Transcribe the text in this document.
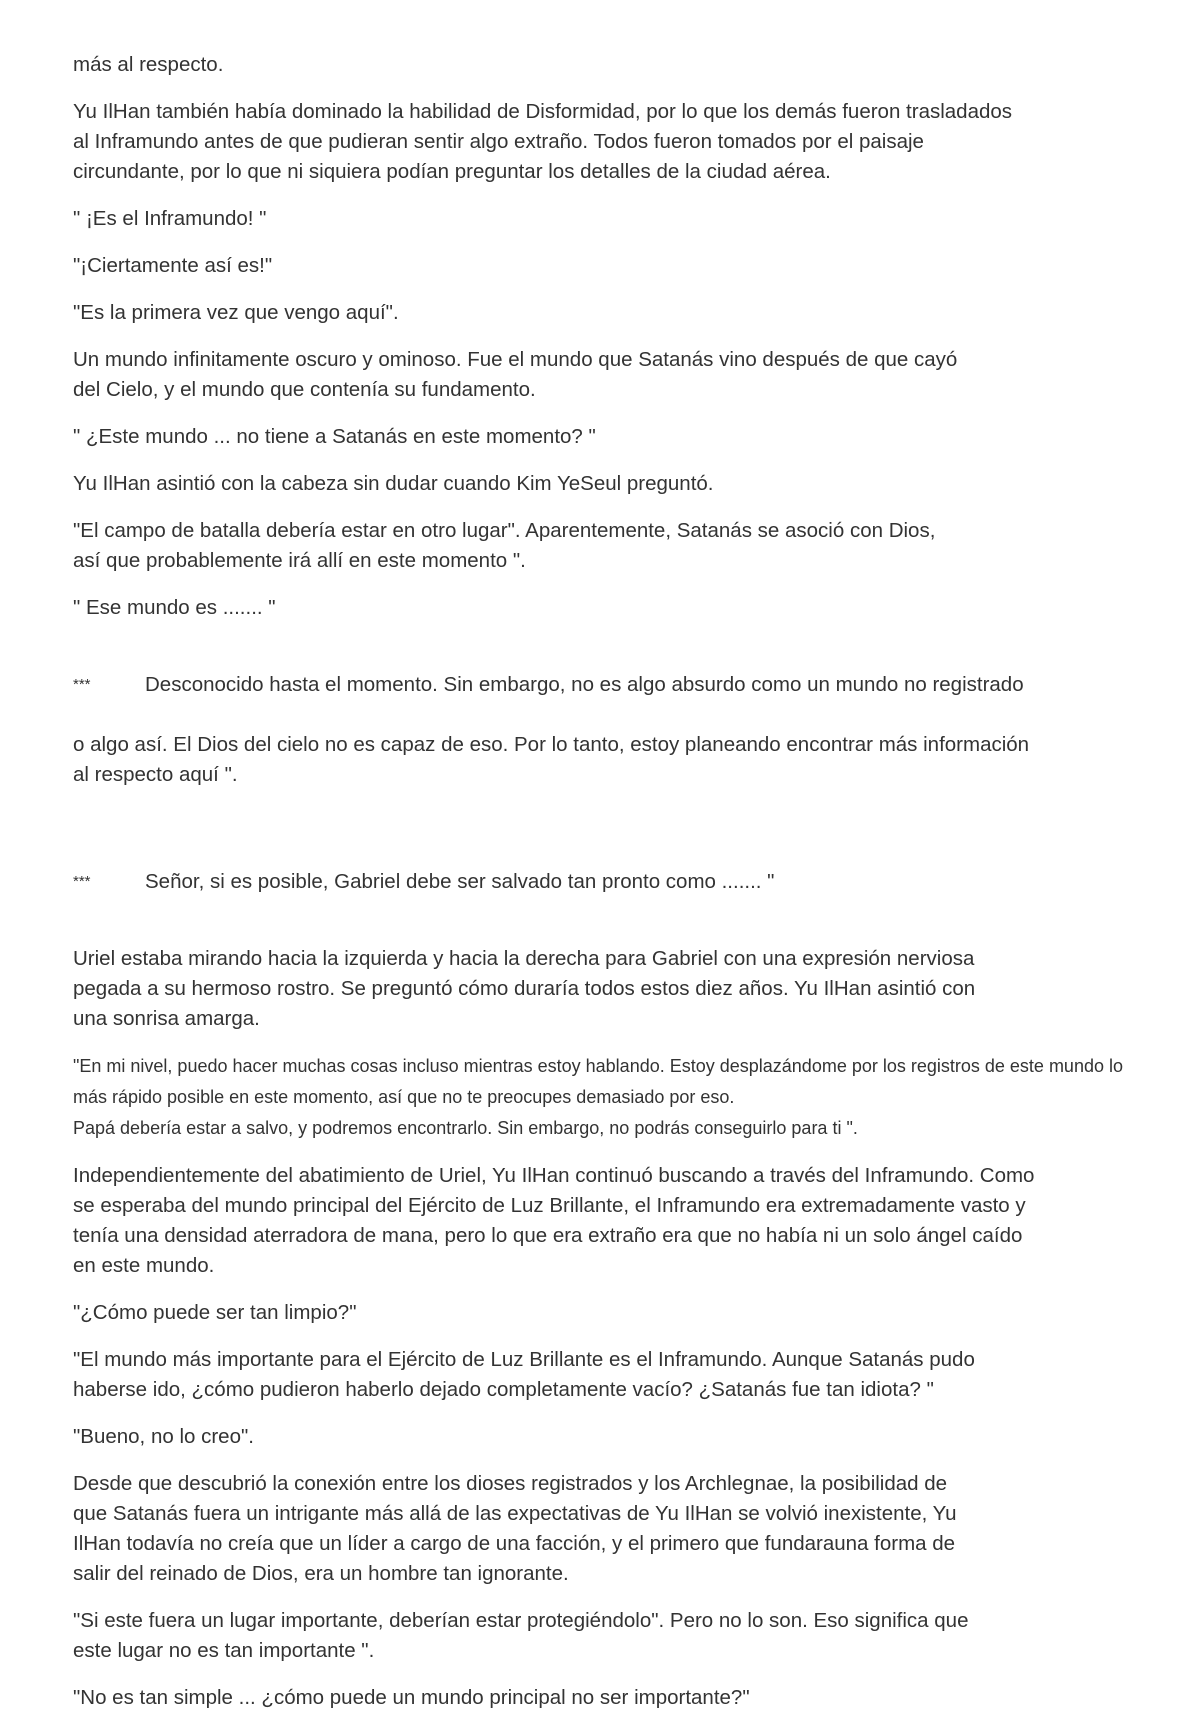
más al respecto.

Yu IlHan también había dominado la habilidad de Disformidad, por lo que los demás fueron trasladados
al Inframundo antes de que pudieran sentir algo extraño. Todos fueron tomados por el paisaje
circundante, por lo que ni siquiera podían preguntar los detalles de la ciudad aérea.

" ¡Es el Inframundo! "

"¡Ciertamente así es!"

"Es la primera vez que vengo aquí".

Un mundo infinitamente oscuro y ominoso. Fue el mundo que Satanás vino después de que cayó
del Cielo, y el mundo que contenía su fundamento.

" ¿Este mundo ... no tiene a Satanás en este momento? "

Yu IlHan asintió con la cabeza sin dudar cuando Kim YeSeul preguntó.

"El campo de batalla debería estar en otro lugar". Aparentemente, Satanás se asoció con Dios,
así que probablemente irá allí en este momento ".

" Ese mundo es ....... "

***	Desconocido hasta el momento. Sin embargo, no es algo absurdo como un mundo no registrado

o algo así. El Dios del cielo no es capaz de eso. Por lo tanto, estoy planeando encontrar más información
al respecto aquí ".

***	Señor, si es posible, Gabriel debe ser salvado tan pronto como ....... "

Uriel estaba mirando hacia la izquierda y hacia la derecha para Gabriel con una expresión nerviosa
pegada a su hermoso rostro. Se preguntó cómo duraría todos estos diez años. Yu IlHan asintió con
una sonrisa amarga.

"En mi nivel, puedo hacer muchas cosas incluso mientras estoy hablando. Estoy desplazándome por los registros de este mundo lo más rápido posible en este momento, así que no te preocupes demasiado por eso.
Papá debería estar a salvo, y podremos encontrarlo. Sin embargo, no podrás conseguirlo para ti ".

Independientemente del abatimiento de Uriel, Yu IlHan continuó buscando a través del Inframundo. Como
se esperaba del mundo principal del Ejército de Luz Brillante, el Inframundo era extremadamente vasto y
tenía una densidad aterradora de mana, pero lo que era extraño era que no había ni un solo ángel caído
en este mundo.

"¿Cómo puede ser tan limpio?"

"El mundo más importante para el Ejército de Luz Brillante es el Inframundo. Aunque Satanás pudo
haberse ido, ¿cómo pudieron haberlo dejado completamente vacío? ¿Satanás fue tan idiota? "

"Bueno, no lo creo".

Desde que descubrió la conexión entre los dioses registrados y los Archlegnae, la posibilidad de
que Satanás fuera un intrigante más allá de las expectativas de Yu IlHan se volvió inexistente, Yu
IlHan todavía no creía que un líder a cargo de una facción, y el primero que fundarauna forma de
salir del reinado de Dios, era un hombre tan ignorante.

"Si este fuera un lugar importante, deberían estar protegiéndolo". Pero no lo son. Eso significa que
este lugar no es tan importante ".

"No es tan simple ... ¿cómo puede un mundo principal no ser importante?"
